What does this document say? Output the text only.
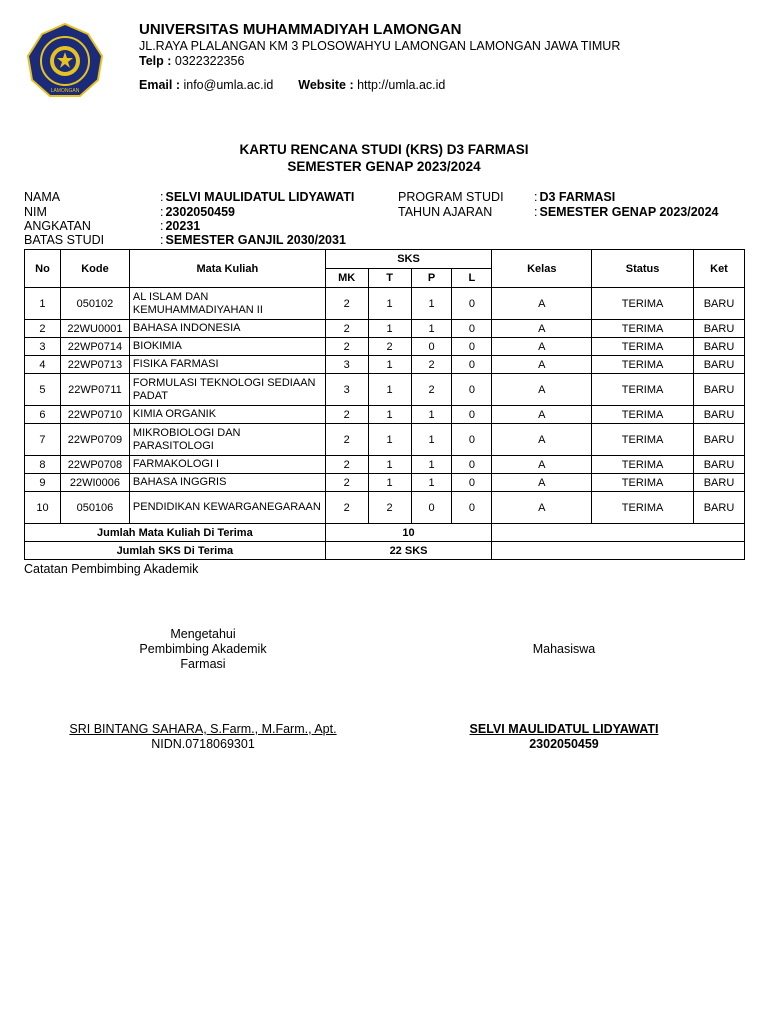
LAMONGAN

UNIVERSITAS MUHAMMADIYAH LAMONGAN

JL.RAYA PLALANGAN KM 3 PLOSOWAHYU LAMONGAN LAMONGAN JAWA TIMUR

Telp : 0322322356

Email : info@umla.ac.id Website : http://umla.ac.id

KARTU RENCANA STUDI (KRS) D3 FARMASI
SEMESTER GENAP 2023/2024
NAMA	: SELVI MAULIDATUL LIDYAWATI
NIM	: 2302050459
ANGKATAN	: 20231
BATAS STUDI	: SEMESTER GANJIL 2030/2031
PROGRAM STUDI	: D3 FARMASI
TAHUN AJARAN	: SEMESTER GENAP 2023/2024
No	Kode	Mata Kuliah	SKS				Kelas	Status	Ket
			MK	T	P	L			
1	050102	AL ISLAM DAN KEMUHAMMADIYAHAN II	2	1	1	0	A	TERIMA	BARU
2	22WU0001	BAHASA INDONESIA	2	1	1	0	A	TERIMA	BARU
3	22WP0714	BIOKIMIA	2	2	0	0	A	TERIMA	BARU
4	22WP0713	FISIKA FARMASI	3	1	2	0	A	TERIMA	BARU
5	22WP0711	FORMULASI TEKNOLOGI SEDIAAN PADAT	3	1	2	0	A	TERIMA	BARU
6	22WP0710	KIMIA ORGANIK	2	1	1	0	A	TERIMA	BARU
7	22WP0709	MIKROBIOLOGI DAN PARASITOLOGI	2	1	1	0	A	TERIMA	BARU
8	22WP0708	FARMAKOLOGI I	2	1	1	0	A	TERIMA	BARU
9	22WI0006	BAHASA INGGRIS	2	1	1	0	A	TERIMA	BARU
10	050106	PENDIDIKAN KEWARGANEGARAAN	2	2	0	0	A	TERIMA	BARU
Jumlah Mata Kuliah Di Terima			10						
Jumlah SKS Di Terima			22 SKS						
Catatan Pembimbing Akademik
Mengetahui
Pembimbing Akademik
Farmasi
SRI BINTANG SAHARA, S.Farm., M.Farm., Apt.
NIDN.0718069301
Mahasiswa
SELVI MAULIDATUL LIDYAWATI
2302050459
